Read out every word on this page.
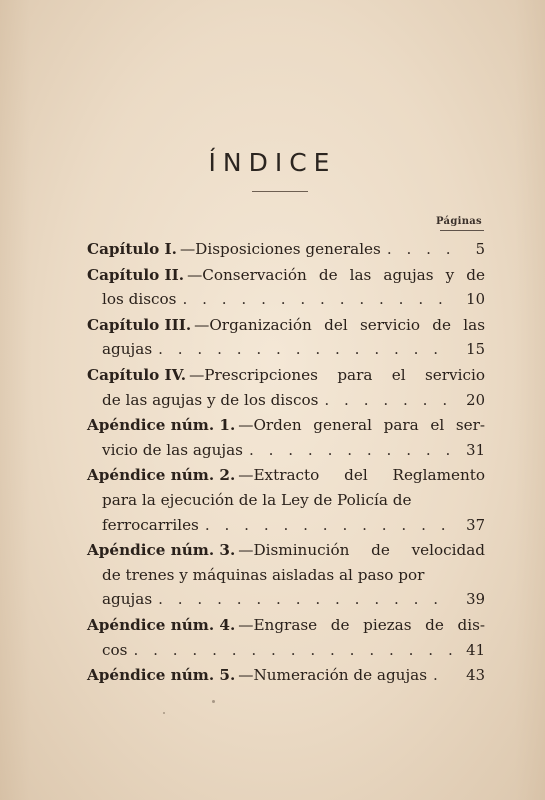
ÍNDICE
Páginas
Capítulo I. —Disposiciones generales . . .	5
Capítulo II. —Conservación de las agujas y de
los discos . . .	10
Capítulo III. —Organización del servicio de las
agujas . . .	15
Capítulo IV. —Prescripciones para el servicio
de las agujas y de los discos . . .	20
Apéndice núm. 1. —Orden general para el ser-
vicio de las agujas . . .	31
Apéndice núm. 2. —Extracto del Reglamento
para la ejecución de la Ley de Policía de
ferrocarriles . . .	37
Apéndice núm. 3. —Disminución de velocidad
de trenes y máquinas aisladas al paso por
agujas . . .	39
Apéndice núm. 4. —Engrase de piezas de dis-
cos . . .	41
Apéndice núm. 5. —Numeración de agujas . . .	43
